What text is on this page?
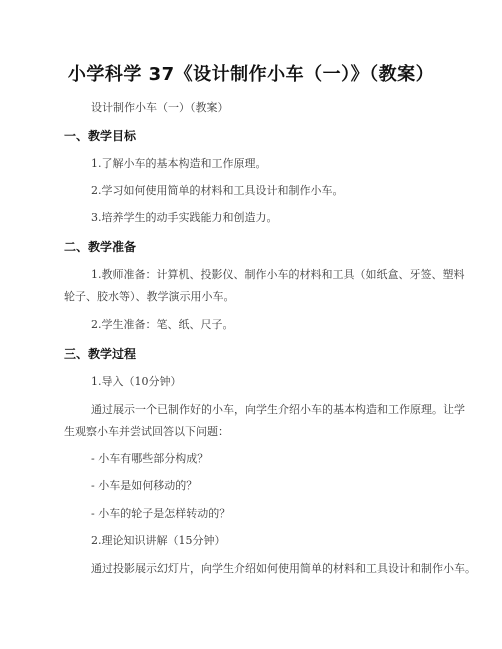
小学科学 37《设计制作小车（一）》（教案）
设计制作小车（一）（教案）
一、教学目标
1.了解小车的基本构造和工作原理。
2.学习如何使用简单的材料和工具设计和制作小车。
3.培养学生的动手实践能力和创造力。
二、教学准备
1.教师准备：计算机、投影仪、制作小车的材料和工具（如纸盒、牙签、塑料
轮子、胶水等）、教学演示用小车。
2.学生准备：笔、纸、尺子。
三、教学过程
1.导入（10分钟）
通过展示一个已制作好的小车，向学生介绍小车的基本构造和工作原理。让学
生观察小车并尝试回答以下问题：
- 小车有哪些部分构成？
- 小车是如何移动的？
- 小车的轮子是怎样转动的？
2.理论知识讲解（15分钟）
通过投影展示幻灯片，向学生介绍如何使用简单的材料和工具设计和制作小车。
